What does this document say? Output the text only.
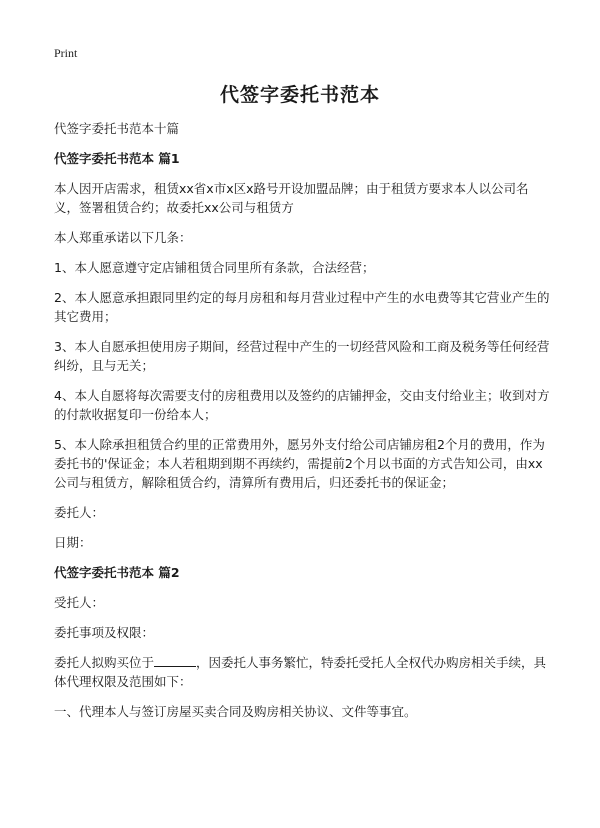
Print
代签字委托书范本

代签字委托书范本十篇

代签字委托书范本 篇1

本人因开店需求，租赁xx省x市x区x路号开设加盟品牌；由于租赁方要求本人以公司名义，签署租赁合约；故委托xx公司与租赁方

本人郑重承诺以下几条：

1、本人愿意遵守定店铺租赁合同里所有条款，合法经营；

2、本人愿意承担跟同里约定的每月房租和每月营业过程中产生的水电费等其它营业产生的其它费用；

3、本人自愿承担使用房子期间，经营过程中产生的一切经营风险和工商及税务等任何经营纠纷，且与无关；

4、本人自愿将每次需要支付的房租费用以及签约的店铺押金，交由支付给业主；收到对方的付款收据复印一份给本人；

5、本人除承担租赁合约里的正常费用外，愿另外支付给公司店铺房租2个月的费用，作为委托书的'保证金；本人若租期到期不再续约，需提前2个月以书面的方式告知公司，由xx公司与租赁方，解除租赁合约，清算所有费用后，归还委托书的保证金；

委托人：

日期：

代签字委托书范本 篇2

受托人：

委托事项及权限：

委托人拟购买位于	，因委托人事务繁忙，特委托受托人全权代办购房相关手续，具体代理权限及范围如下：

一、代理本人与签订房屋买卖合同及购房相关协议、文件等事宜。
